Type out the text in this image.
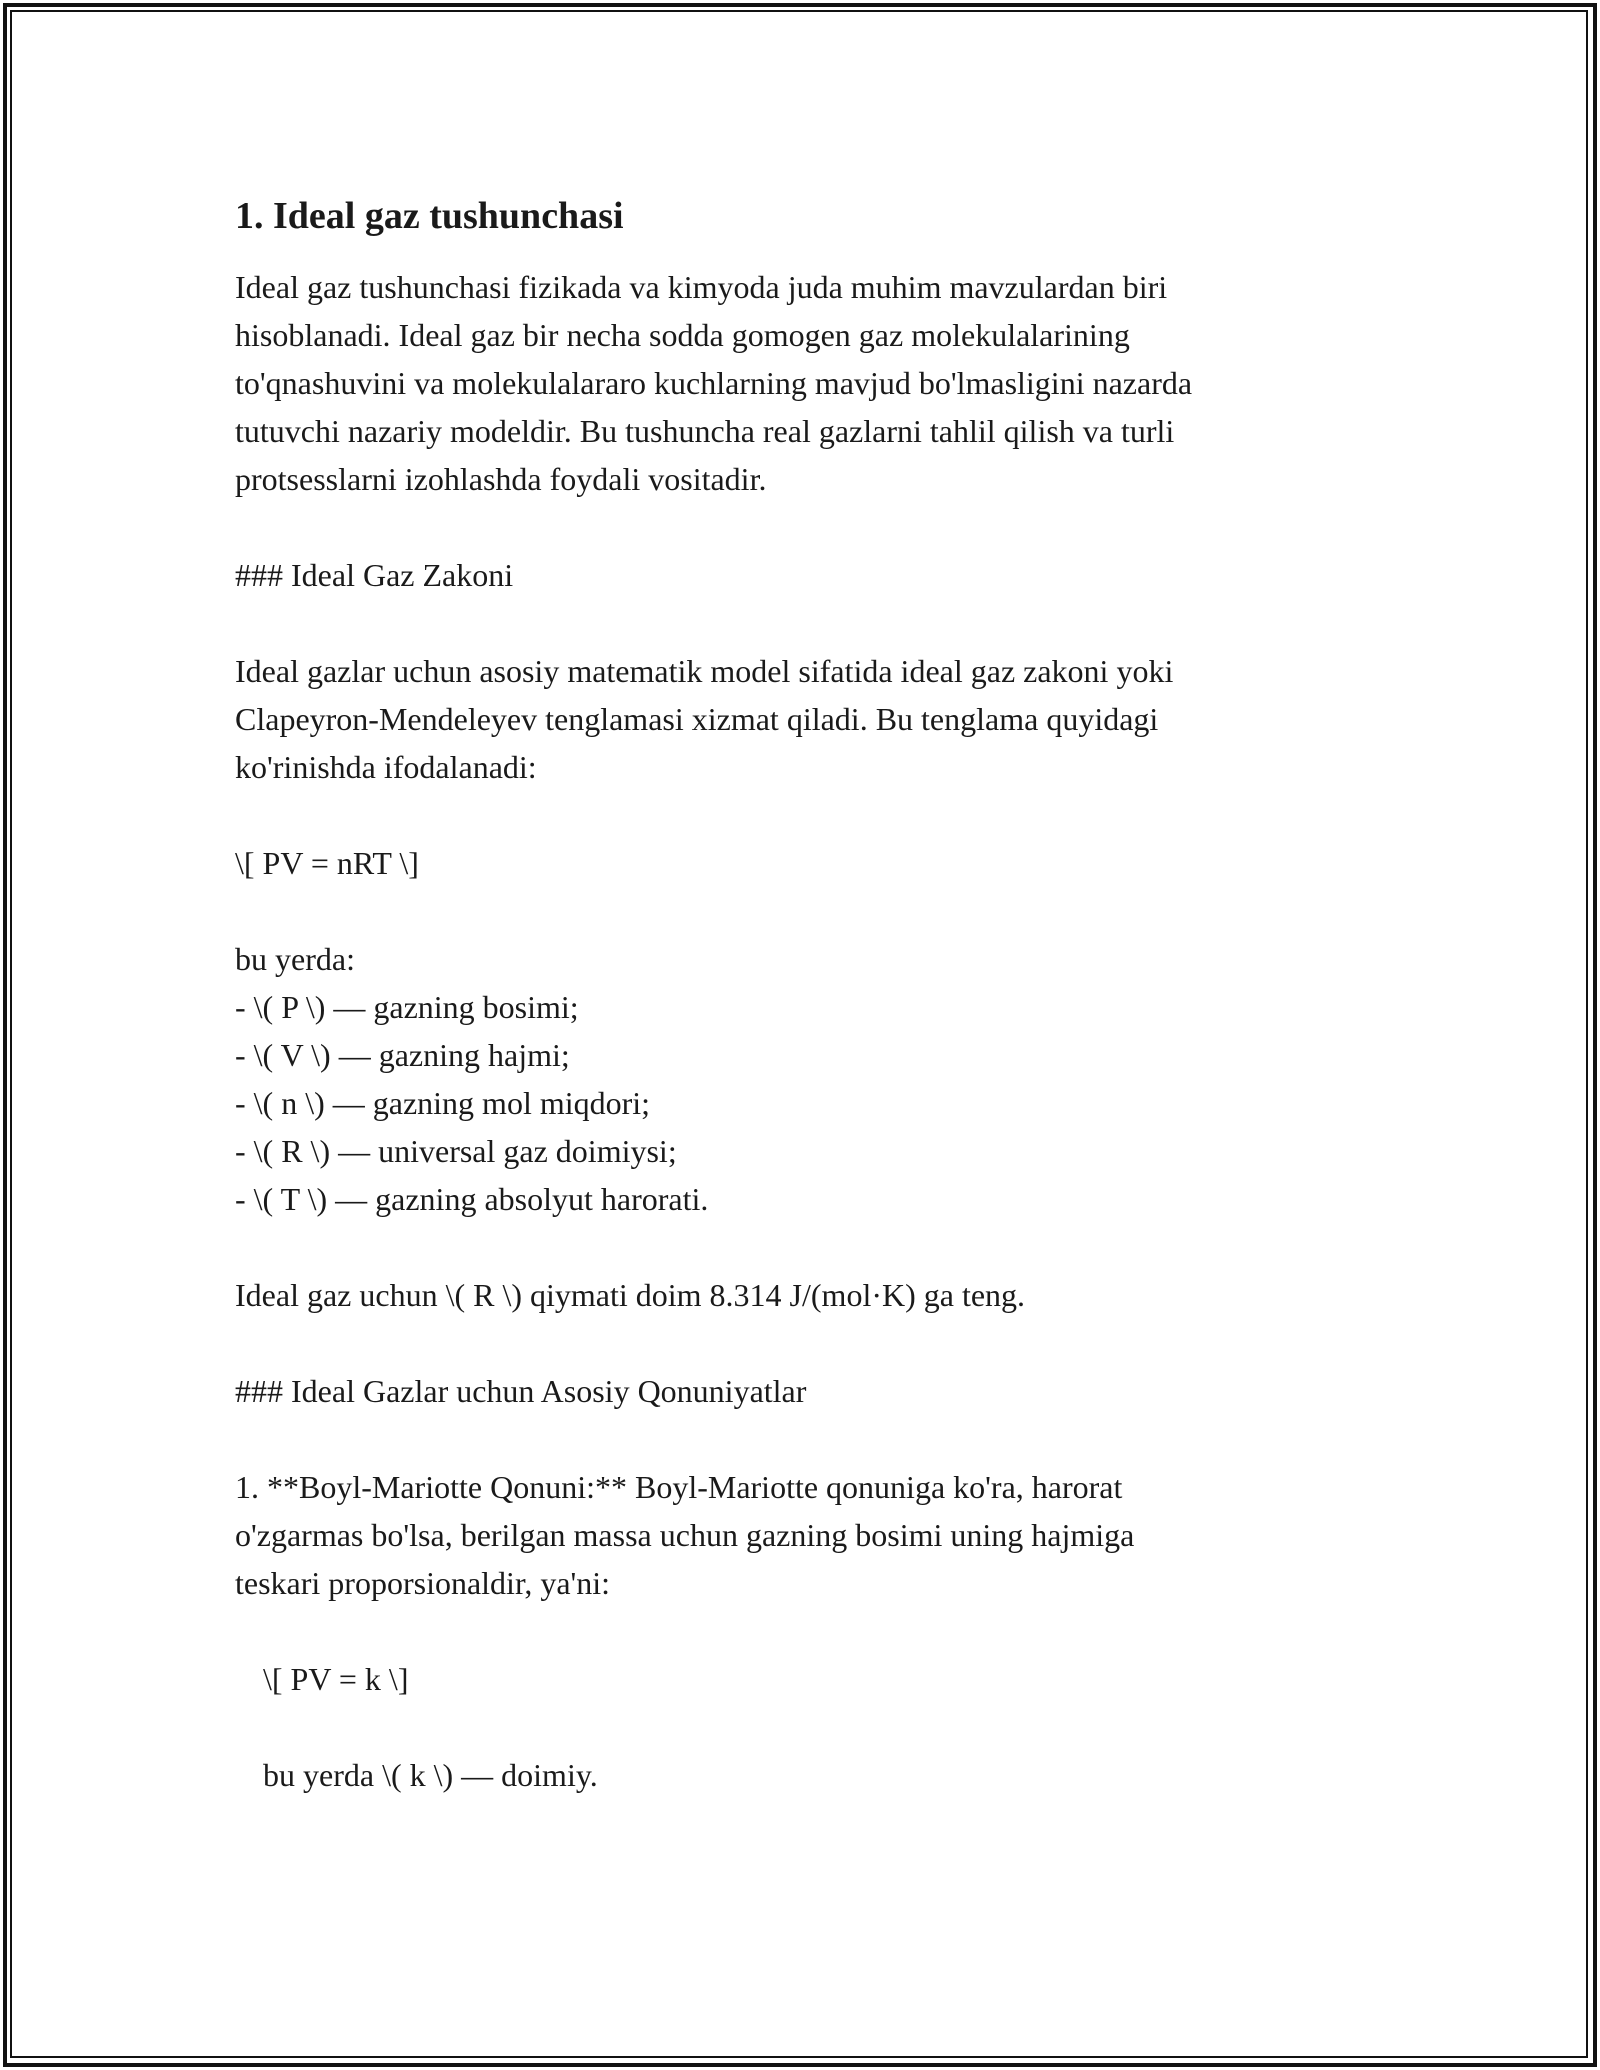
1. Ideal gaz tushunchasi

Ideal gaz tushunchasi fizikada va kimyoda juda muhim mavzulardan biri

hisoblanadi. Ideal gaz bir necha sodda gomogen gaz molekulalarining

to'qnashuvini va molekulalararo kuchlarning mavjud bo'lmasligini nazarda

tutuvchi nazariy modeldir. Bu tushuncha real gazlarni tahlil qilish va turli

protsesslarni izohlashda foydali vositadir.

### Ideal Gaz Zakoni

Ideal gazlar uchun asosiy matematik model sifatida ideal gaz zakoni yoki

Clapeyron-Mendeleyev tenglamasi xizmat qiladi. Bu tenglama quyidagi

ko'rinishda ifodalanadi:

\[ PV = nRT \]

bu yerda:

- \( P \) — gazning bosimi;

- \( V \) — gazning hajmi;

- \( n \) — gazning mol miqdori;

- \( R \) — universal gaz doimiysi;

- \( T \) — gazning absolyut harorati.

Ideal gaz uchun \( R \) qiymati doim 8.314 J/(mol·K) ga teng.

### Ideal Gazlar uchun Asosiy Qonuniyatlar

1. **Boyl-Mariotte Qonuni:** Boyl-Mariotte qonuniga ko'ra, harorat

o'zgarmas bo'lsa, berilgan massa uchun gazning bosimi uning hajmiga

teskari proporsionaldir, ya'ni:

\[ PV = k \]

bu yerda \( k \) — doimiy.
